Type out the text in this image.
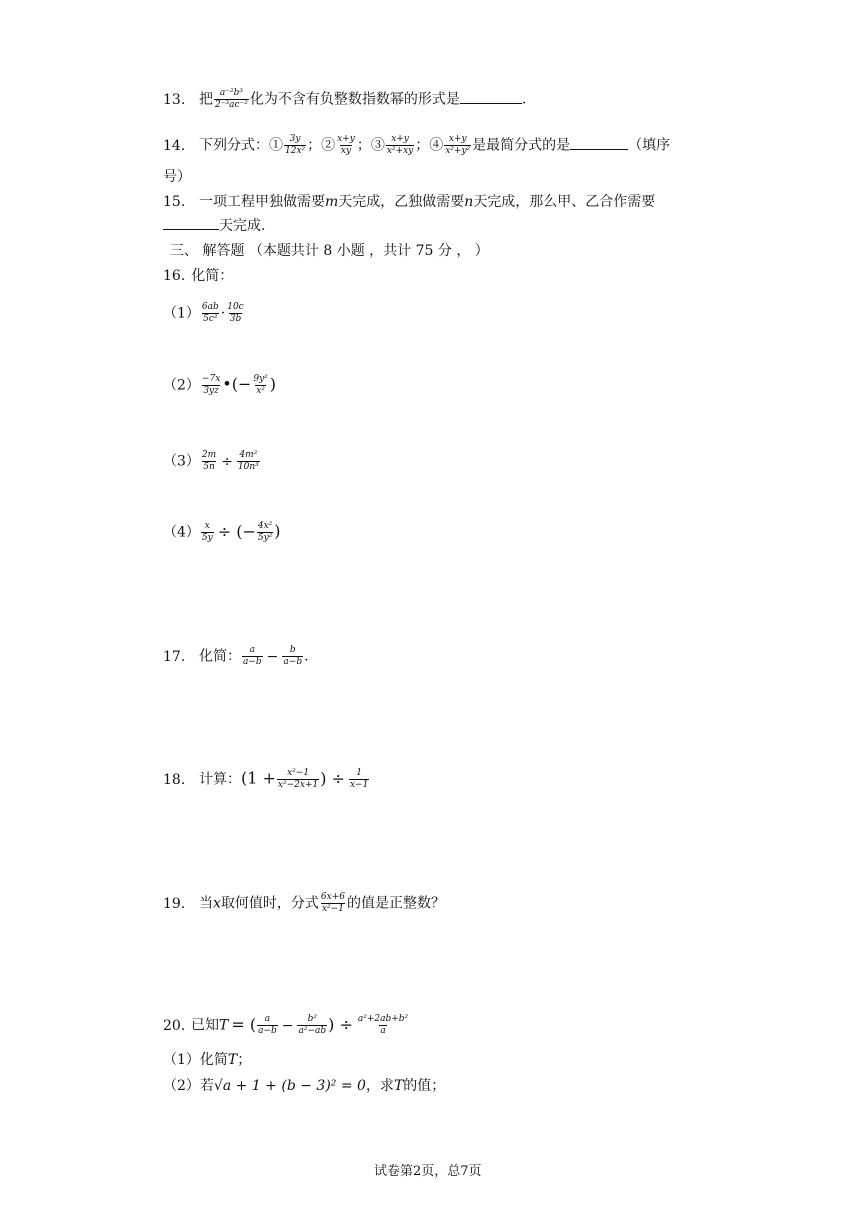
13. 把 $\frac{\text{a⁻²b³}}{\text{2⁻³ac⁻²}}$ 化为不含有负整数指数幂的形式是	.
14. 下列分式：① $\frac{3y}{\text{12x²}}$ ；② $\frac{x+y}{xy}$ ；③ $\frac{x+y}{\text{x²+xy}}$ ；④ $\frac{x+y}{\text{x²+y²}}$ 是最简分式的是	（填序
号）
15. 一项工程甲独做需要m天完成，乙独做需要n天完成，那么甲、乙合作需要
天完成.
三、 解答题 （本题共计 8 小题 ，共计 75 分 ， ）
16. 化简：
$(1) \frac{6ab}{\text{5c²}} \cdot \frac{10c}{3b}$
$(2) \frac{-7x}{3yz}$ •(− $\frac{\text{9y²}}{\text{x²}}$ )
$(3) \frac{2m}{5n} \div \frac{\text{4m²}}{\text{10n³}}$
$(4) \frac{x}{5y}$ ÷ (− $\frac{\text{4x²}}{\text{5y²}}$ )
17. 化简： $\frac{a}{a-b} - \frac{b}{a-b}$ .
18. 计算：($1 + \frac{\text{x²−1}}{\text{x²−2x+1}}$ ) ÷ $\frac{1}{x-1}$
19. 当x取何值时，分式 $\frac{6x+6}{\text{x²−1}}$ 的值是正整数？
20. 已知T = ( $\frac{a}{a-b} - \frac{\text{b²}}{\text{a²−ab}}$ ) ÷ $\frac{\text{a²+2ab+b²}}{a}$
（1）化简T；
（2）若√a + 1 + (b − 3)² = 0，求T的值；
试卷第2页，总7页
